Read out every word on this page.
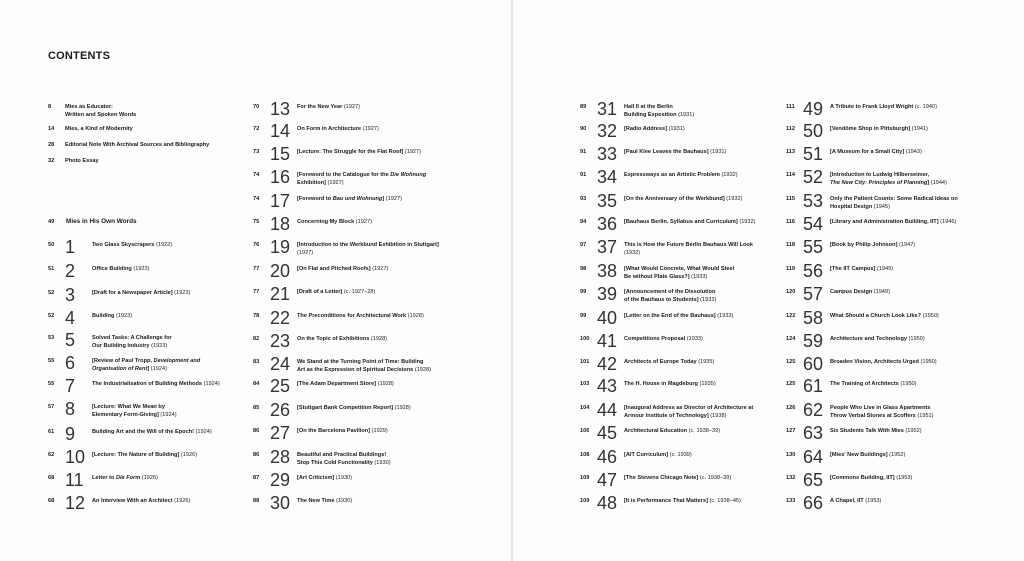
CONTENTS
8 Mies as Educator:
Written and Spoken Words
14 Mies, a Kind of Modernity
28 Editorial Note With Archival Sources and Bibliography
32 Photo Essay
49 Mies in His Own Words
50 1	Two Glass Skyscrapers (1922)
51 2	Office Building (1923)
52 3	[Draft for a Newspaper Article] (1923)
52 4	Building (1923)
53 5	Solved Tasks: A Challenge for
Our Building Industry (1923)
55 6	[Review of Paul Tropp, Development and
Organisation of Rent] (1924)
55 7	The Industrialisation of Building Methods (1924)
57 8	[Lecture: What We Mean by
Elementary Form-Giving] (1924)
61 9	Building Art and the Will of the Epoch! (1924)
62 10 [Lecture: The Nature of Building] (1926)
68 11 Letter to Die Form (1926)
68 12 An Interview With an Architect (1926)
70 13 For the New Year (1927)
72 14 On Form in Architecture (1927)
73 15 [Lecture: The Struggle for the Flat Roof] (1927)
74 16 [Foreword to the Catalogue for the Die Wohnung
Exhibition] (1927)
74 17 [Foreword to Bau und Wohnung] (1927)
75 18 Concerning My Block (1927)
76 19 [Introduction to the Werkbund Exhibition in Stuttgart]
(1927)
77 20 [On Flat and Pitched Roofs] (1927)
77 21 [Draft of a Letter] (c. 1927–28)
78 22 The Preconditions for Architectural Work (1928)
82 23 On the Topic of Exhibitions (1928)
83 24 We Stand at the Turning Point of Time: Building
Art as the Expression of Spiritual Decisions (1928)
84 25 [The Adam Department Store] (1928)
85 26 [Stuttgart Bank Competition Report] (1928)
86 27 [On the Barcelona Pavilion] (1929)
86 28 Beautiful and Practical Buildings!
Stop This Cold Functionality (1930)
87 29 [Art Criticism] (1930)
88 30 The New Time (1930)
89 31 Hall II at the Berlin
Building Exposition (1931)
90 32 [Radio Address] (1931)
91 33 [Paul Klee Leaves the Bauhaus] (1931)
91 34 Expressways as an Artistic Problem (1932)
93 35 [On the Anniversary of the Werkbund] (1932)
94 36 [Bauhaus Berlin. Syllabus and Curriculum] (1932)
97 37 This is How the Future Berlin Bauhaus Will Look
(1932)
98 38 [What Would Concrete, What Would Steel
Be without Plate Glass?] (1933)
99 39 [Announcement of the Dissolution
of the Bauhaus to Students] (1933)
99 40 [Letter on the End of the Bauhaus] (1933)
100 41 Competitions Proposal (1933)
101 42 Architects of Europe Today (1935)
103 43 The H. House in Magdeburg (1935)
104 44 [Inaugural Address as Director of Architecture at
Armour Institute of Technology] (1938)
106 45 Architectural Education (c. 1938–39)
108 46 [AIT Curriculum] (c. 1939)
109 47 [The Stevens Chicago Note] (c. 1938–39)
109 48 [It is Performance That Matters] (c. 1938–45)
111 49 A Tribute to Frank Lloyd Wright (c. 1940)
112 50 [Vendôme Shop in Pittsburgh] (1941)
113 51 [A Museum for a Small City] (1943)
114 52 [Introduction to Ludwig Hilberseimer,
The New City: Principles of Planning] (1944)
115 53 Only the Patient Counts: Some Radical Ideas on
Hospital Design (1945)
116 54 [Library and Administration Building, IIT] (1946)
118 55 [Book by Philip Johnson] (1947)
119 56 [The IIT Campus] (1949)
120 57 Campus Design (1949)
122 58 What Should a Church Look Like? (1950)
124 59 Architecture and Technology (1950)
125 60 Broaden Vision, Architects Urged (1950)
125 61 The Training of Architects (1950)
126 62 People Who Live in Glass Apartments
Throw Verbal Stones at Scoffers (1951)
127 63 Six Students Talk With Mies (1952)
130 64 [Mies' New Buildings] (1952)
132 65 [Commons Building, IIT] (1953)
133 66 A Chapel, IIT (1953)
